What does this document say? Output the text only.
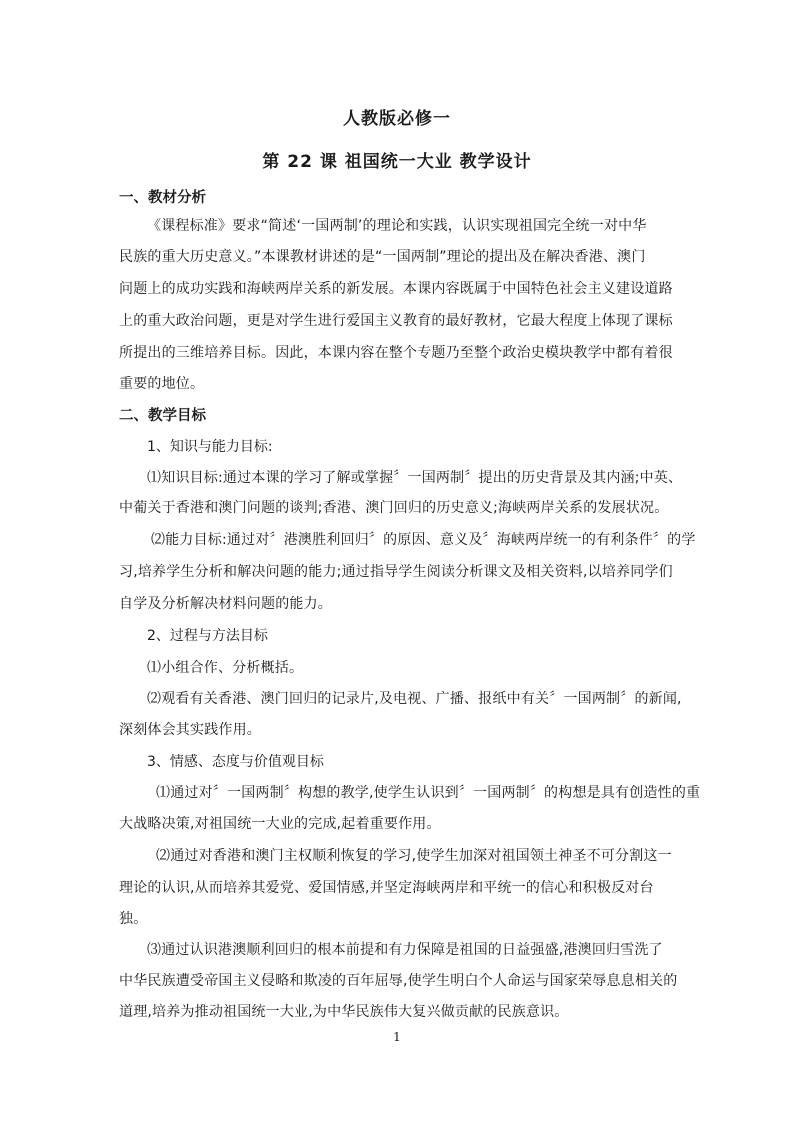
人教版必修一
第 22 课 祖国统一大业 教学设计
一、教材分析
《课程标准》要求“简述‘一国两制’的理论和实践，认识实现祖国完全统一对中华
民族的重大历史意义。”本课教材讲述的是“一国两制”理论的提出及在解决香港、澳门
问题上的成功实践和海峡两岸关系的新发展。本课内容既属于中国特色社会主义建设道路
上的重大政治问题，更是对学生进行爱国主义教育的最好教材，它最大程度上体现了课标
所提出的三维培养目标。因此，本课内容在整个专题乃至整个政治史模块教学中都有着很
重要的地位。
二、教学目标
1、知识与能力目标:
⑴知识目标:通过本课的学习了解或掌握〞一国两制〞提出的历史背景及其内涵;中英、
中葡关于香港和澳门问题的谈判;香港、澳门回归的历史意义;海峡两岸关系的发展状况。
⑵能力目标:通过对〞港澳胜利回归〞的原因、意义及〞海峡两岸统一的有利条件〞的学
习,培养学生分析和解决问题的能力;通过指导学生阅读分析课文及相关资料,以培养同学们
自学及分析解决材料问题的能力。
2、过程与方法目标
⑴小组合作、分析概括。
⑵观看有关香港、澳门回归的记录片,及电视、广播、报纸中有关〞一国两制〞的新闻,
深刻体会其实践作用。
3、情感、态度与价值观目标
⑴通过对〞一国两制〞构想的教学,使学生认识到〞一国两制〞的构想是具有创造性的重
大战略决策,对祖国统一大业的完成,起着重要作用。
⑵通过对香港和澳门主权顺利恢复的学习,使学生加深对祖国领土神圣不可分割这一
理论的认识,从而培养其爱党、爱国情感,并坚定海峡两岸和平统一的信心和积极反对台
独。
⑶通过认识港澳顺利回归的根本前提和有力保障是祖国的日益强盛,港澳回归雪洗了
中华民族遭受帝国主义侵略和欺凌的百年屈辱,使学生明白个人命运与国家荣辱息息相关的
道理,培养为推动祖国统一大业,为中华民族伟大复兴做贡献的民族意识。
1
